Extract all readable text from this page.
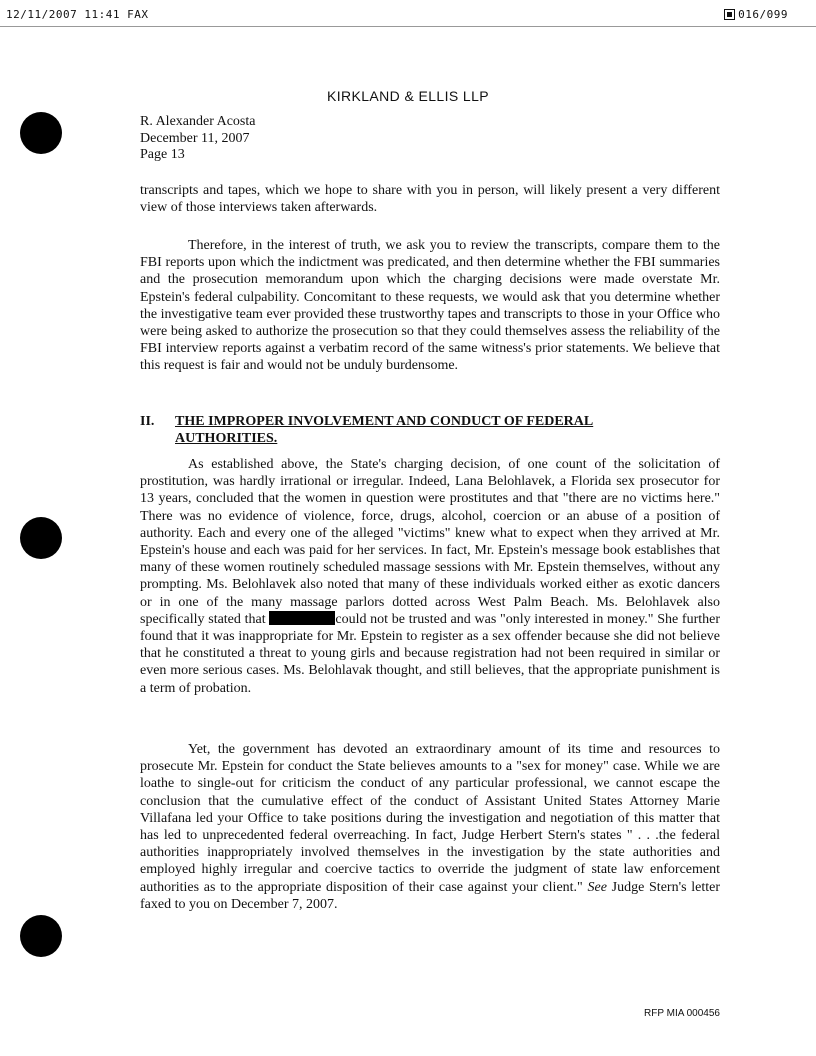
12/11/2007 11:41 FAX	016/099
KIRKLAND & ELLIS LLP
R. Alexander Acosta
December 11, 2007
Page 13
transcripts and tapes, which we hope to share with you in person, will likely present a very different view of those interviews taken afterwards.
Therefore, in the interest of truth, we ask you to review the transcripts, compare them to the FBI reports upon which the indictment was predicated, and then determine whether the FBI summaries and the prosecution memorandum upon which the charging decisions were made overstate Mr. Epstein's federal culpability. Concomitant to these requests, we would ask that you determine whether the investigative team ever provided these trustworthy tapes and transcripts to those in your Office who were being asked to authorize the prosecution so that they could themselves assess the reliability of the FBI interview reports against a verbatim record of the same witness's prior statements. We believe that this request is fair and would not be unduly burdensome.
II.	THE IMPROPER INVOLVEMENT AND CONDUCT OF FEDERAL AUTHORITIES.
As established above, the State's charging decision, of one count of the solicitation of prostitution, was hardly irrational or irregular. Indeed, Lana Belohlavek, a Florida sex prosecutor for 13 years, concluded that the women in question were prostitutes and that "there are no victims here." There was no evidence of violence, force, drugs, alcohol, coercion or an abuse of a position of authority. Each and every one of the alleged "victims" knew what to expect when they arrived at Mr. Epstein's house and each was paid for her services. In fact, Mr. Epstein's message book establishes that many of these women routinely scheduled massage sessions with Mr. Epstein themselves, without any prompting. Ms. Belohlavek also noted that many of these individuals worked either as exotic dancers or in one of the many massage parlors dotted across West Palm Beach. Ms. Belohlavek also specifically stated that	could not be trusted and was "only interested in money." She further found that it was inappropriate for Mr. Epstein to register as a sex offender because she did not believe that he constituted a threat to young girls and because registration had not been required in similar or even more serious cases. Ms. Belohlavak thought, and still believes, that the appropriate punishment is a term of probation.
Yet, the government has devoted an extraordinary amount of its time and resources to prosecute Mr. Epstein for conduct the State believes amounts to a "sex for money" case. While we are loathe to single-out for criticism the conduct of any particular professional, we cannot escape the conclusion that the cumulative effect of the conduct of Assistant United States Attorney Marie Villafana led your Office to take positions during the investigation and negotiation of this matter that has led to unprecedented federal overreaching. In fact, Judge Herbert Stern's states " . . .the federal authorities inappropriately involved themselves in the investigation by the state authorities and employed highly irregular and coercive tactics to override the judgment of state law enforcement authorities as to the appropriate disposition of their case against your client." See Judge Stern's letter faxed to you on December 7, 2007.
RFP MIA 000456
